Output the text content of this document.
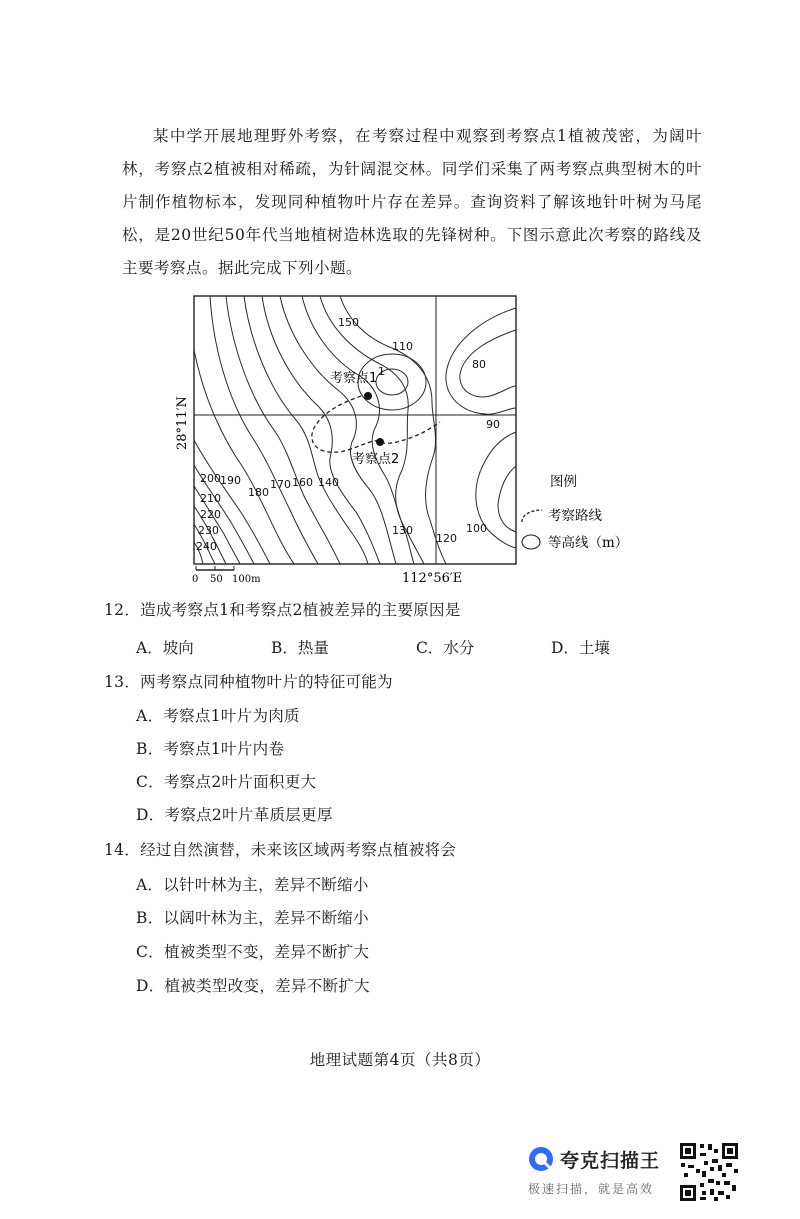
某中学开展地理野外考察，在考察过程中观察到考察点1植被茂密，为阔叶林，考察点2植被相对稀疏，为针阔混交林。同学们采集了两考察点典型树木的叶片制作植物标本，发现同种植物叶片存在差异。查询资料了解该地针叶树为马尾松，是20世纪50年代当地植树造林选取的先锋树种。下图示意此次考察的路线及主要考察点。据此完成下列小题。
考察点1
考察点2
150
110
1
80
90
100
120
130
140
160
170
180
190
200
210
220
230
240
28°11′N
112°56′E
0 50 100m
图例
考察路线
等高线（m）
12．造成考察点1和考察点2植被差异的主要原因是
A．坡向	B．热量	C．水分	D．土壤
13．两考察点同种植物叶片的特征可能为
A．考察点1叶片为肉质
B．考察点1叶片内卷
C．考察点2叶片面积更大
D．考察点2叶片革质层更厚
14．经过自然演替，未来该区域两考察点植被将会
A．以针叶林为主，差异不断缩小
B．以阔叶林为主，差异不断缩小
C．植被类型不变，差异不断扩大
D．植被类型改变，差异不断扩大
地理试题第4页（共8页）
夸克扫描王
极速扫描，就是高效
